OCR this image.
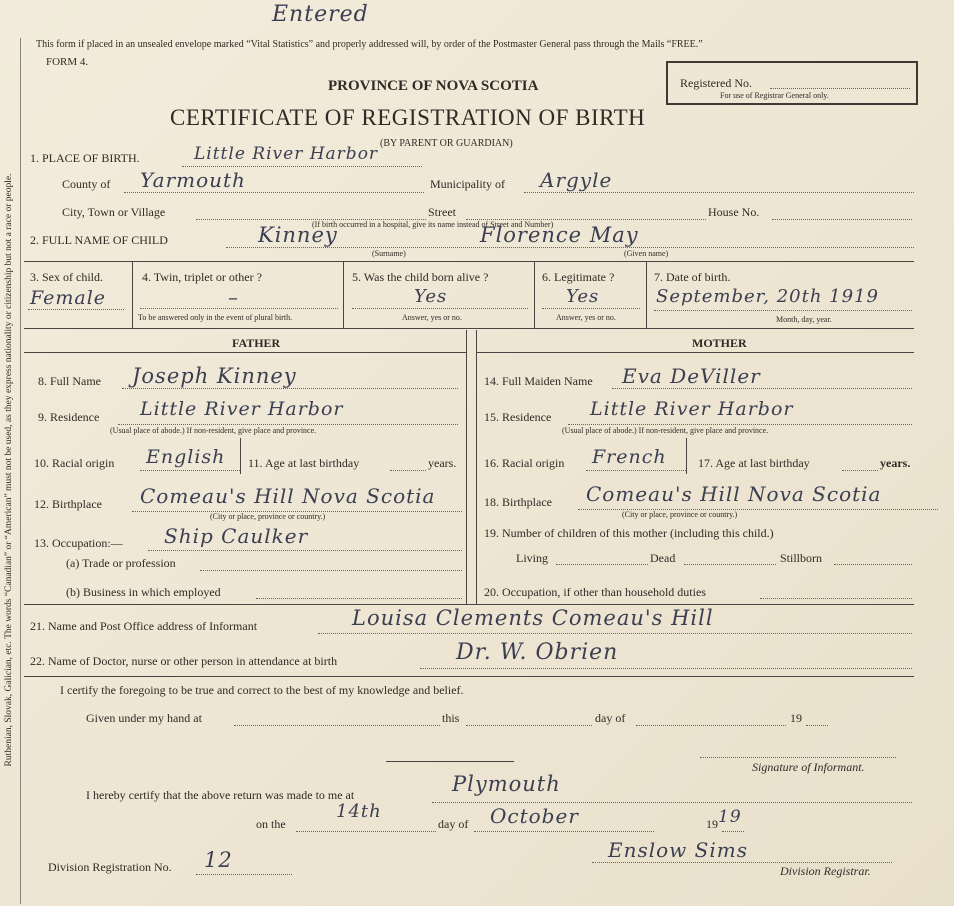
Ruthenian, Slovak, Galician, etc. The words “Canadian” or “American” must not be used, as they express nationality or citizenship but not a race or people.
Entered
This form if placed in an unsealed envelope marked “Vital Statistics” and properly addressed will, by order of the Postmaster General pass through the Mails “FREE.”
FORM 4.
PROVINCE OF NOVA SCOTIA
CERTIFICATE OF REGISTRATION OF BIRTH
(BY PARENT OR GUARDIAN)
Registered No.
For use of Registrar General only.
1. PLACE OF BIRTH.	Little River Harbor
County of Yarmouth	Municipality of Argyle
City, Town or Village	Street	House No.
(If birth occurred in a hospital, give its name instead of Street and Number)
2. FULL NAME OF CHILD	Kinney	Florence May
(Surname)	(Given name)
3. Sex of child.
Female
4. Twin, triplet or other ?
–
To be answered only in the event of plural birth.
5. Was the child born alive ?
Yes
Answer, yes or no.
6. Legitimate ?
Yes
Answer, yes or no.
7. Date of birth.
September, 20th 1919
Month, day, year.
FATHER	MOTHER
8. Full Name Joseph Kinney
9. Residence Little River Harbor
(Usual place of abode.) If non-resident, give place and province.
10. Racial origin English 11. Age at last birthday	years.
12. Birthplace Comeau's Hill Nova Scotia
(City or place, province or country.)
13. Occupation:— Ship Caulker
(a) Trade or profession
(b) Business in which employed
14. Full Maiden Name Eva DeViller
15. Residence Little River Harbor
(Usual place of abode.) If non-resident, give place and province.
16. Racial origin French	17. Age at last birthday	years.
18. Birthplace Comeau's Hill Nova Scotia
(City or place, province or country.)
19. Number of children of this mother (including this child.)
Living	Dead	Stillborn
20. Occupation, if other than household duties
21. Name and Post Office address of Informant	Louisa Clements Comeau's Hill
22. Name of Doctor, nurse or other person in attendance at birth	Dr. W. Obrien
I certify the foregoing to be true and correct to the best of my knowledge and belief.
Given under my hand at	this	day of	19
Signature of Informant.
I hereby certify that the above return was made to me at	Plymouth
on the
14th
day of October	19 19
Division Registration No. 12	Enslow Sims
Division Registrar.
